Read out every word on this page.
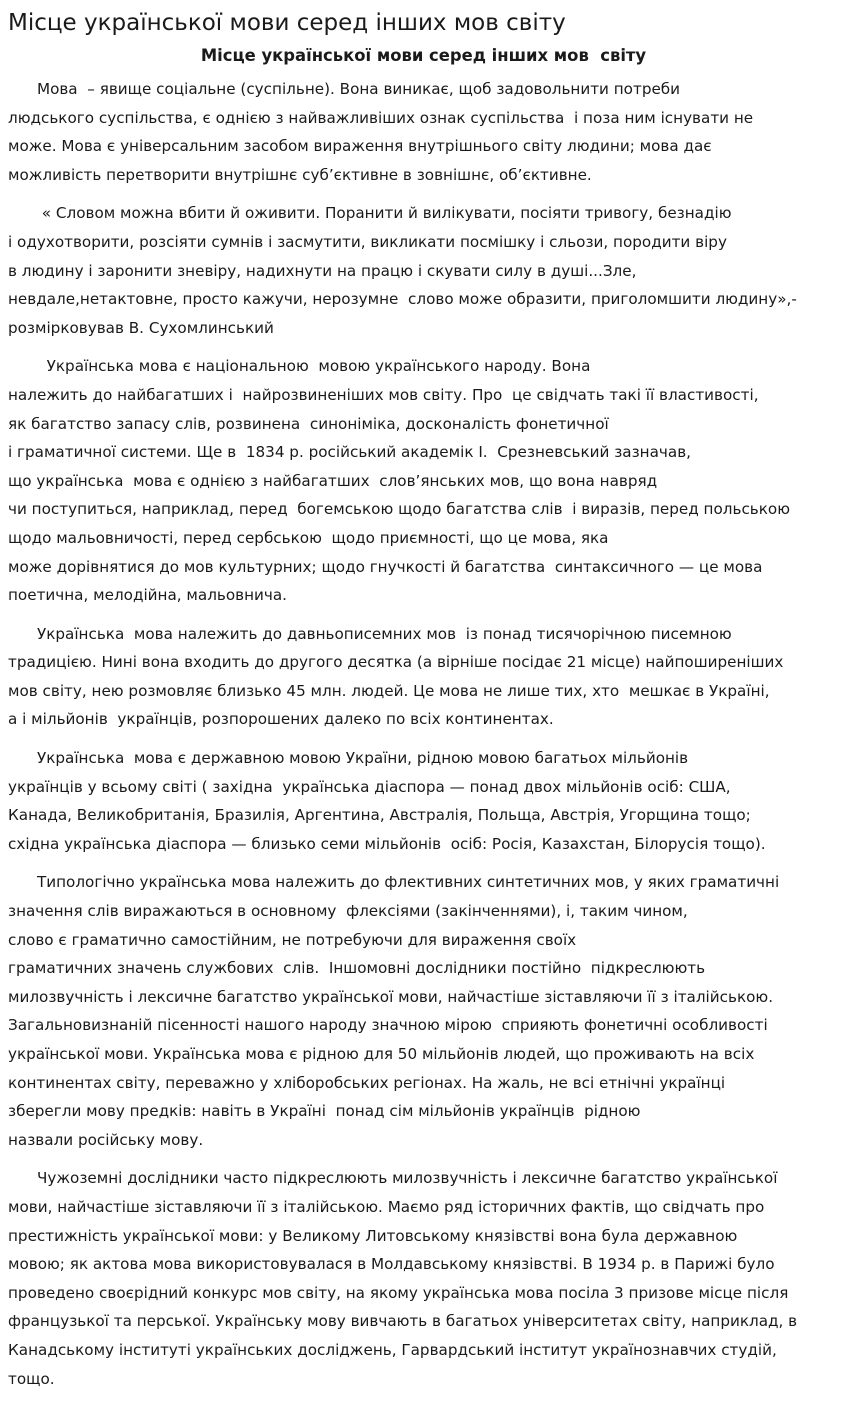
Місце української мови серед інших мов світу
Місце української мови серед інших мов  світу

Мова  – явище соціальне (суспільне). Вона виникає, щоб задовольнити потреби
людського суспільства, є однією з найважливіших ознак суспільства  і поза ним існувати не
може. Мова є універсальним засобом вираження внутрішнього світу людини; мова дає
можливість перетворити внутрішнє суб’єктивне в зовнішнє, об’єктивне.

« Словом можна вбити й оживити. Поранити й вилікувати, посіяти тривогу, безнадію
і одухотворити, розсіяти сумнів і засмутити, викликати посмішку і сльози, породити віру
в людину і заронити зневіру, надихнути на працю і скувати силу в душі...Зле,
невдале,нетактовне, просто кажучи, нерозумне  слово може образити, приголомшити людину»,-
розмірковував В. Сухомлинський

Українська мова є національною  мовою українського народу. Вона
належить до найбагатших і  найрозвиненіших мов світу. Про  це свідчать такі її властивості,
як багатство запасу слів, розвинена  синоніміка, досконалість фонетичної
і граматичної системи. Ще в  1834 р. російський академік І.  Срезневський зазначав,
що українська  мова є однією з найбагатших  слов’янських мов, що вона навряд
чи поступиться, наприклад, перед  богемською щодо багатства слів  і виразів, перед польською
щодо мальовничості, перед сербською  щодо приємності, що це мова, яка
може дорівнятися до мов культурних; щодо гнучкості й багатства  синтаксичного — це мова
поетична, мелодійна, мальовнича.

Українська  мова належить до давньописемних мов  із понад тисячорічною писемною
традицією. Нині вона входить до другого десятка (а вірніше посідає 21 місце) найпоширеніших
мов світу, нею розмовляє близько 45 млн. людей. Це мова не лише тих, хто  мешкає в Україні,
а і мільйонів  українців, розпорошених далеко по всіх континентах.

Українська  мова є державною мовою України, рідною мовою багатьох мільйонів
українців у всьому світі ( західна  українська діаспора — понад двох мільйонів осіб: США,
Канада, Великобританія, Бразилія, Аргентина, Австралія, Польща, Австрія, Угорщина тощо;
східна українська діаспора — близько семи мільйонів  осіб: Росія, Казахстан, Білорусія тощо).

Типологічно українська мова належить до флективних синтетичних мов, у яких граматичні
значення слів виражаються в основному  флексіями (закінченнями), і, таким чином,
слово є граматично самостійним, не потребуючи для вираження своїх
граматичних значень службових  слів.  Іншомовні дослідники постійно  підкреслюють
милозвучність і лексичне багатство української мови, найчастіше зіставляючи її з італійською.
Загальновизнаній пісенності нашого народу значною мірою  сприяють фонетичні особливості
української мови. Українська мова є рідною для 50 мільйонів людей, що проживають на всіх
континентах світу, переважно у хліборобських регіонах. На жаль, не всі етнічні українці
зберегли мову предків: навіть в Україні  понад сім мільйонів українців  рідною
назвали російську мову.

Чужоземні дослідники часто підкреслюють милозвучність і лексичне багатство української
мови, найчастіше зіставляючи її з італійською. Маємо ряд історичних фактів, що свідчать про
престижність української мови: у Великому Литовському князівстві вона була державною
мовою; як актова мова використовувалася в Молдавському князівстві. В 1934 р. в Парижі було
проведено своєрідний конкурс мов світу, на якому українська мова посіла 3 призове місце після
французької та перської. Українську мову вивчають в багатьох університетах світу, наприклад, в
Канадському інституті українських досліджень, Гарвардський інститут українознавчих студій,
тощо.
